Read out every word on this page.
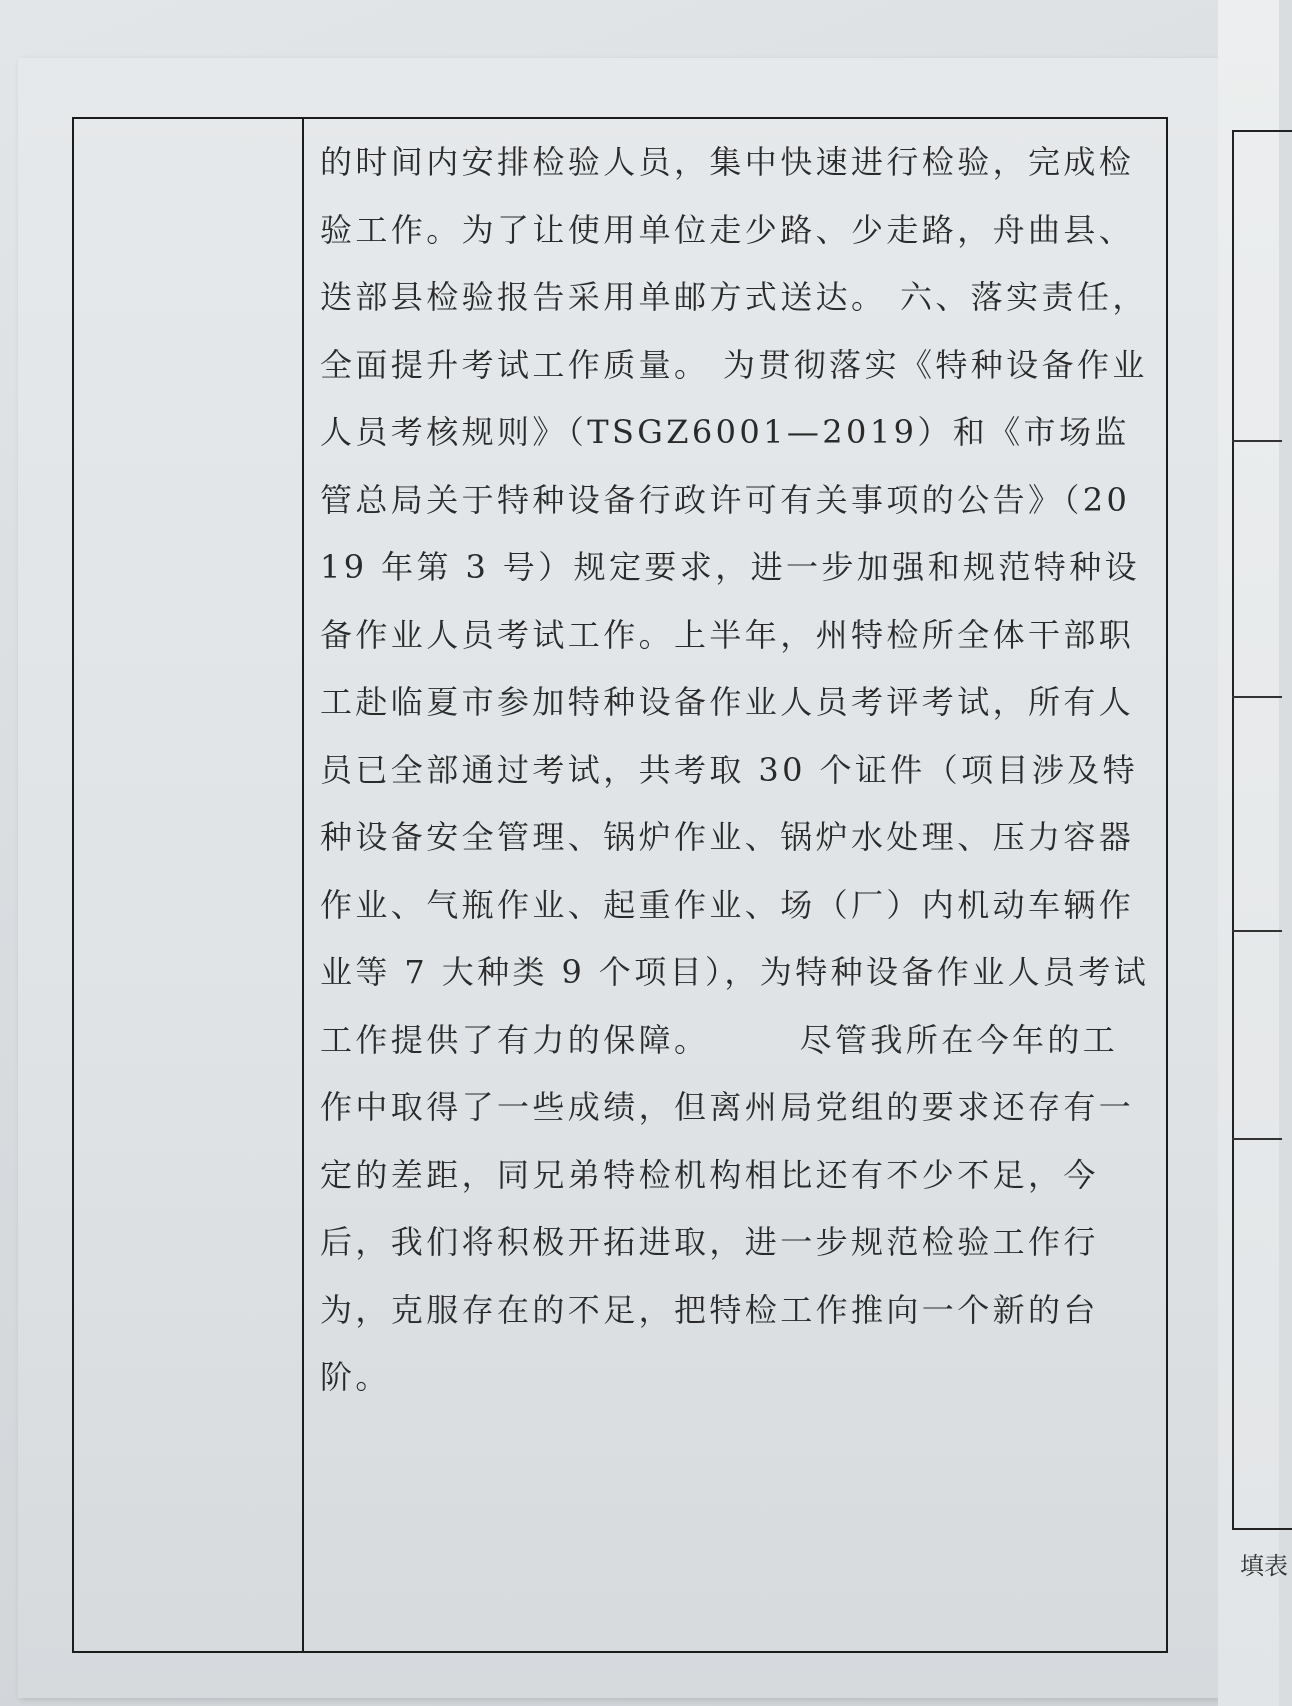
的时间内安排检验人员，集中快速进行检验，完成检验工作。为了让使用单位走少路、少走路，舟曲县、迭部县检验报告采用单邮方式送达。 六、落实责任，全面提升考试工作质量。 为贯彻落实《特种设备作业人员考核规则》（TSGZ6001—2019）和《市场监管总局关于特种设备行政许可有关事项的公告》（2019 年第 3 号）规定要求，进一步加强和规范特种设备作业人员考试工作。上半年，州特检所全体干部职工赴临夏市参加特种设备作业人员考评考试，所有人员已全部通过考试，共考取 30 个证件（项目涉及特种设备安全管理、锅炉作业、锅炉水处理、压力容器作业、气瓶作业、起重作业、场（厂）内机动车辆作业等 7 大种类 9 个项目），为特种设备作业人员考试工作提供了有力的保障。　　　尽管我所在今年的工作中取得了一些成绩，但离州局党组的要求还存有一定的差距，同兄弟特检机构相比还有不少不足，今后，我们将积极开拓进取，进一步规范检验工作行为，克服存在的不足，把特检工作推向一个新的台阶。

填表
